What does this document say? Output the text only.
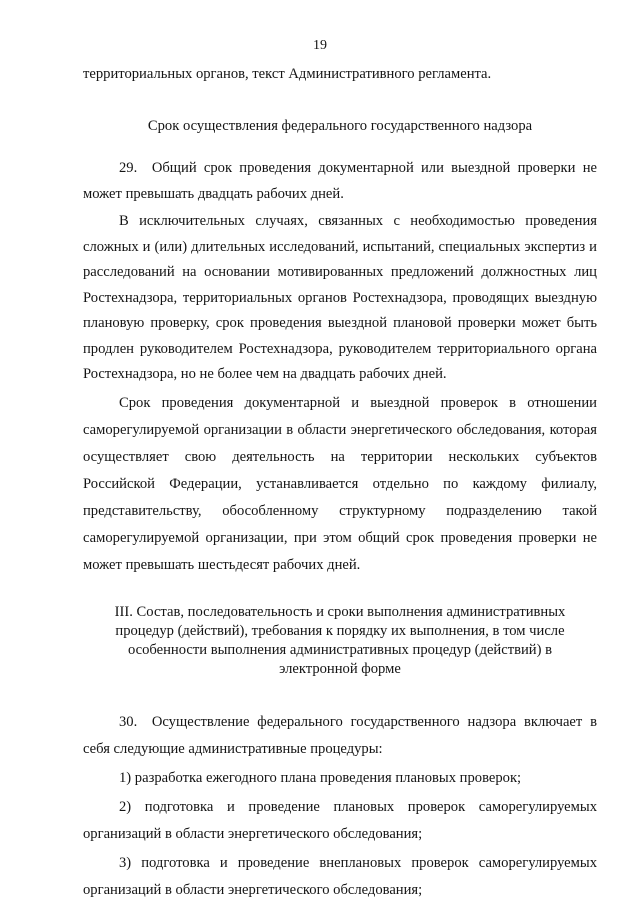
19

территориальных органов, текст Административного регламента.

Срок осуществления федерального государственного надзора

29. Общий срок проведения документарной или выездной проверки не может превышать двадцать рабочих дней.

В исключительных случаях, связанных с необходимостью проведения сложных и (или) длительных исследований, испытаний, специальных экспертиз и расследований на основании мотивированных предложений должностных лиц Ростехнадзора, территориальных органов Ростехнадзора, проводящих выездную плановую проверку, срок проведения выездной плановой проверки может быть продлен руководителем Ростехнадзора, руководителем территориального органа Ростехнадзора, но не более чем на двадцать рабочих дней.

Срок проведения документарной и выездной проверок в отношении саморегулируемой организации в области энергетического обследования, которая осуществляет свою деятельность на территории нескольких субъектов Российской Федерации, устанавливается отдельно по каждому филиалу, представительству, обособленному структурному подразделению такой саморегулируемой организации, при этом общий срок проведения проверки не может превышать шестьдесят рабочих дней.

III. Состав, последовательность и сроки выполнения административных процедур (действий), требования к порядку их выполнения, в том числе особенности выполнения административных процедур (действий) в электронной форме

30. Осуществление федерального государственного надзора включает в себя следующие административные процедуры:

1) разработка ежегодного плана проведения плановых проверок;

2) подготовка и проведение плановых проверок саморегулируемых организаций в области энергетического обследования;

3) подготовка и проведение внеплановых проверок саморегулируемых организаций в области энергетического обследования;
